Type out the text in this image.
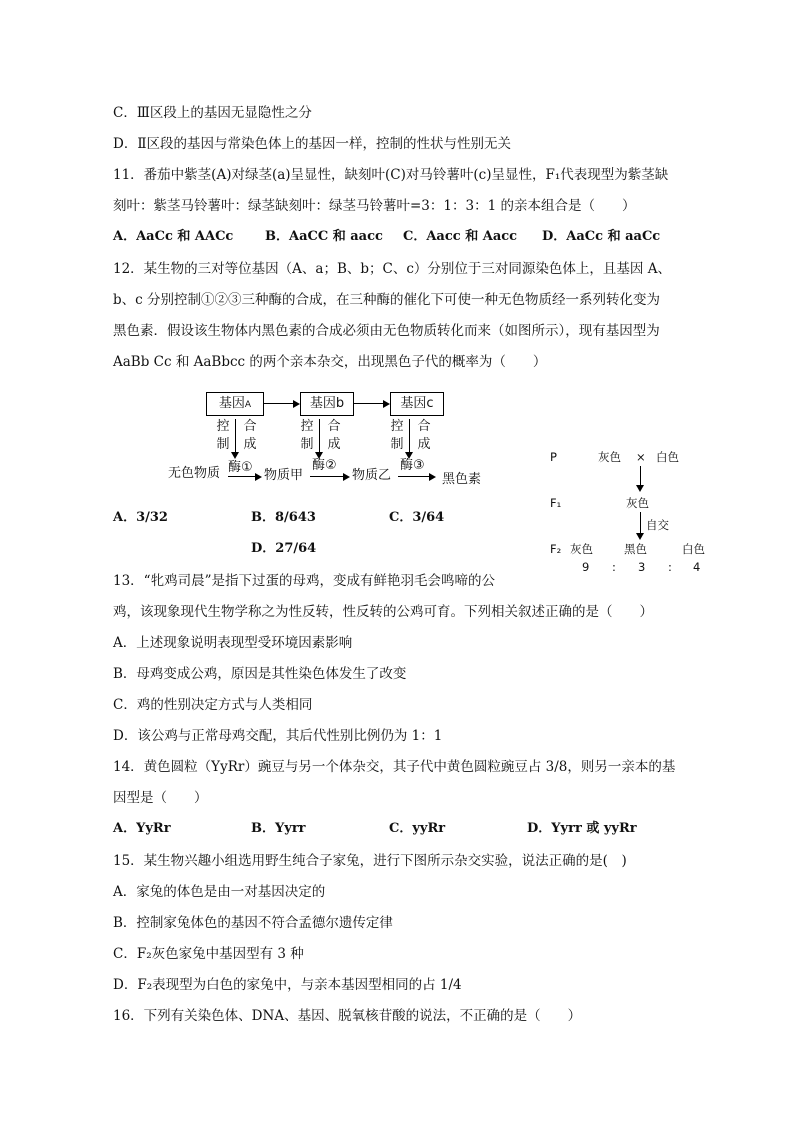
C．Ⅲ区段上的基因无显隐性之分
D．Ⅱ区段的基因与常染色体上的基因一样，控制的性状与性别无关
11．番茄中紫茎(A)对绿茎(a)呈显性，缺刻叶(C)对马铃薯叶(c)呈显性，F₁代表现型为紫茎缺
刻叶：紫茎马铃薯叶：绿茎缺刻叶：绿茎马铃薯叶=3：1：3：1 的亲本组合是（　　）
A．AaCc 和 AACc B．AaCC 和 aacc C．Aacc 和 Aacc D．AaCc 和 aaCc
12．某生物的三对等位基因（A、a；B、b；C、c）分别位于三对同源染色体上，且基因 A、
b、c 分别控制①②③三种酶的合成，在三种酶的催化下可使一种无色物质经一系列转化变为
黑色素．假设该生物体内黑色素的合成必须由无色物质转化而来（如图所示），现有基因型为
AaBb Cc 和 AaBbcc 的两个亲本杂交，出现黑色子代的概率为（　　）
基因A	基因b	基因c
控
制
合
成
控
制
合
成
控
制
合
成
无色物质 酶①
物质甲
酶②
物质乙
酶③
黑色素
A．3/32	B．8/643	C．3/64
D．27/64
P	灰色 × 白色
F₁	灰色
自交
F₂ 灰色	黑色	白色
9 : 3 : 4
13．“牝鸡司晨”是指下过蛋的母鸡，变成有鲜艳羽毛会鸣啼的公
鸡，该现象现代生物学称之为性反转，性反转的公鸡可育。下列相关叙述正确的是（　　）
A．上述现象说明表现型受环境因素影响
B．母鸡变成公鸡，原因是其性染色体发生了改变
C．鸡的性别决定方式与人类相同
D．该公鸡与正常母鸡交配，其后代性别比例仍为 1：1
14．黄色圆粒（YyRr）豌豆与另一个体杂交，其子代中黄色圆粒豌豆占 3/8，则另一亲本的基
因型是（　　）
A．YyRr	B．Yyrr	C．yyRr	D．Yyrr 或 yyRr
15．某生物兴趣小组选用野生纯合子家兔，进行下图所示杂交实验，说法正确的是(　)
A．家兔的体色是由一对基因决定的
B．控制家兔体色的基因不符合孟德尔遗传定律
C．F₂灰色家兔中基因型有 3 种
D．F₂表现型为白色的家兔中，与亲本基因型相同的占 1/4
16．下列有关染色体、DNA、基因、脱氧核苷酸的说法，不正确的是（　　）
